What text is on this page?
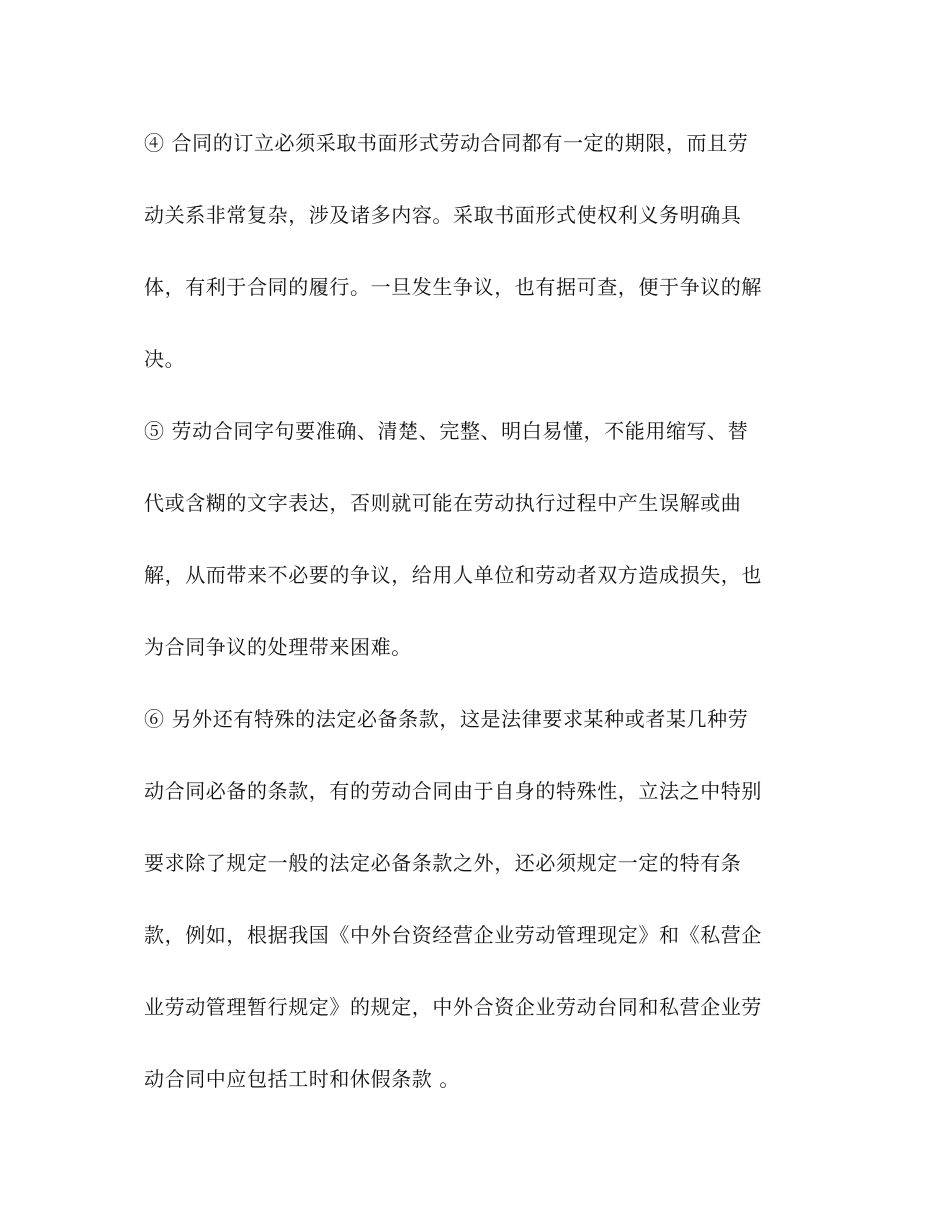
④ 合同的订立必须采取书面形式劳动合同都有一定的期限，而且劳
动关系非常复杂，涉及诸多内容。采取书面形式使权利义务明确具
体，有利于合同的履行。一旦发生争议，也有据可查，便于争议的解
决。
⑤ 劳动合同字句要准确、清楚、完整、明白易懂，不能用缩写、替
代或含糊的文字表达，否则就可能在劳动执行过程中产生误解或曲
解，从而带来不必要的争议，给用人单位和劳动者双方造成损失，也
为合同争议的处理带来困难。
⑥ 另外还有特殊的法定必备条款，这是法律要求某种或者某几种劳
动合同必备的条款，有的劳动合同由于自身的特殊性，立法之中特别
要求除了规定一般的法定必备条款之外，还必须规定一定的特有条
款，例如，根据我国《中外台资经营企业劳动管理现定》和《私营企
业劳动管理暂行规定》的规定，中外合资企业劳动台同和私营企业劳
动合同中应包括工时和休假条款 。
